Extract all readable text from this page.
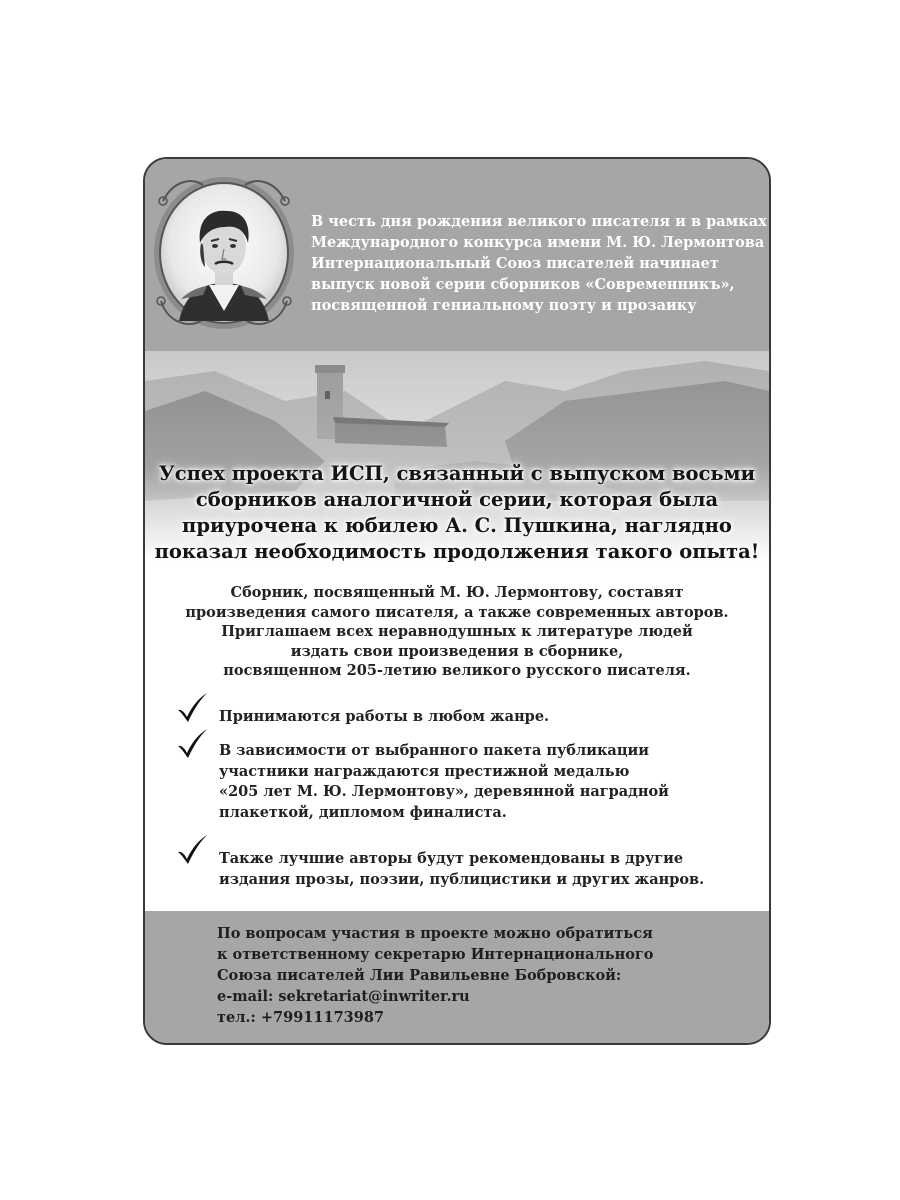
В честь дня рождения великого писателя и в рамках
Международного конкурса имени М. Ю. Лермонтова
Интернациональный Союз писателей начинает
выпуск новой серии сборников «Современникъ»,
посвященной гениальному поэту и прозаику
Успех проекта ИСП, связанный с выпуском восьми
сборников аналогичной серии, которая была
приурочена к юбилею А. С. Пушкина, наглядно
показал необходимость продолжения такого опыта!
Сборник, посвященный М. Ю. Лермонтову, составят
произведения самого писателя, а также современных авторов.
Приглашаем всех неравнодушных к литературе людей
издать свои произведения в сборнике,
посвященном 205-летию великого русского писателя.
Принимаются работы в любом жанре.
В зависимости от выбранного пакета публикации
участники награждаются престижной медалью
«205 лет М. Ю. Лермонтову», деревянной наградной
плакеткой, дипломом финалиста.
Также лучшие авторы будут рекомендованы в другие
издания прозы, поэзии, публицистики и других жанров.
По вопросам участия в проекте можно обратиться
к ответственному секретарю Интернационального
Союза писателей Лии Равильевне Бобровской:
e-mail: sekretariat@inwriter.ru
тел.: +79911173987
